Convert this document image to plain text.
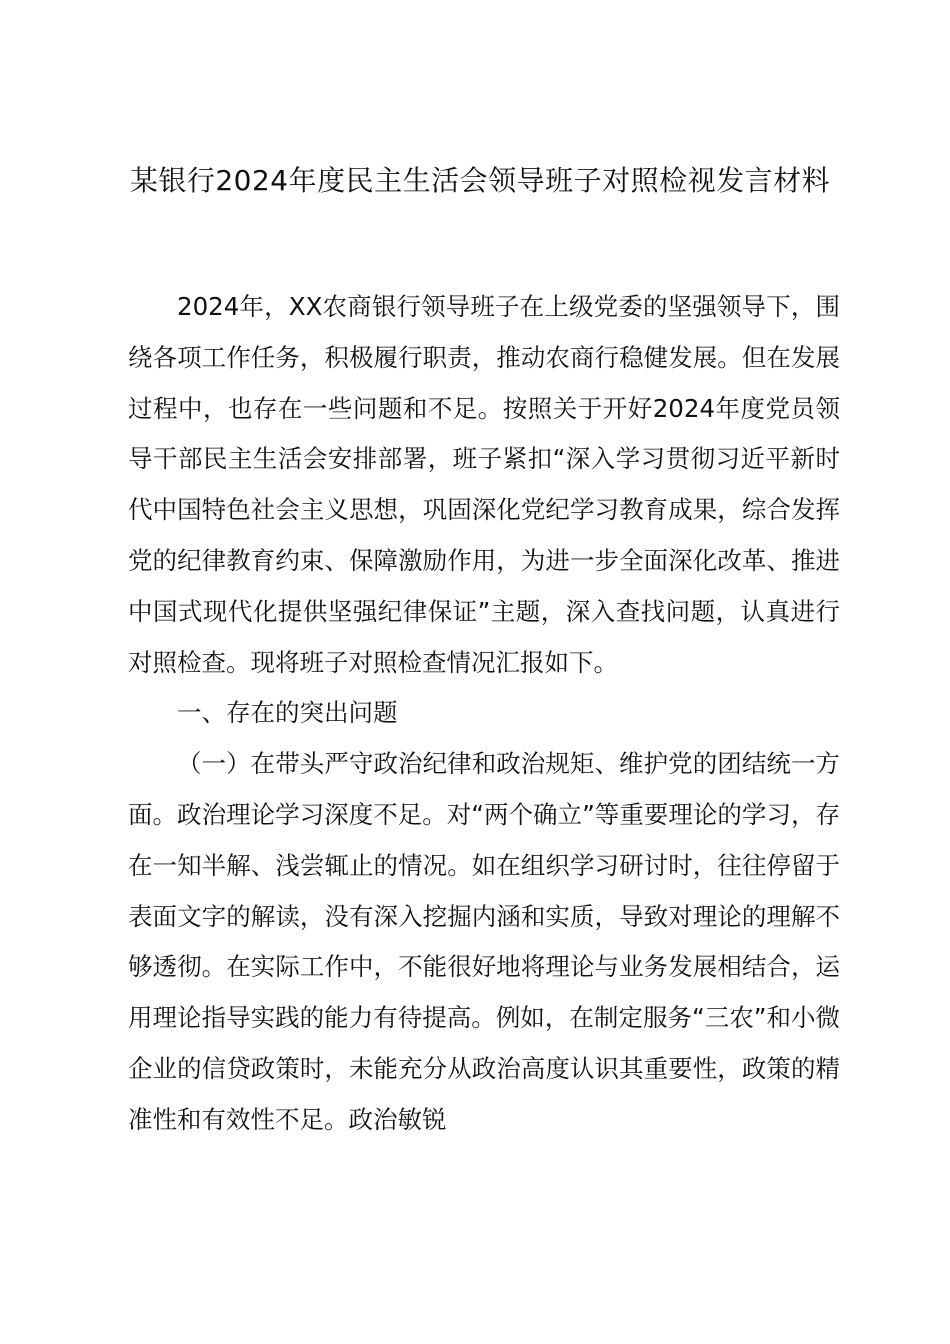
某银行2024年度民主生活会领导班子对照检视发言材料

2024年，XX农商银行领导班子在上级党委的坚强领导下，围绕各项工作任务，积极履行职责，推动农商行稳健发展。但在发展过程中，也存在一些问题和不足。按照关于开好2024年度党员领导干部民主生活会安排部署，班子紧扣“深入学习贯彻习近平新时代中国特色社会主义思想，巩固深化党纪学习教育成果，综合发挥党的纪律教育约束、保障激励作用，为进一步全面深化改革、推进中国式现代化提供坚强纪律保证”主题，深入查找问题，认真进行对照检查。现将班子对照检查情况汇报如下。

一、存在的突出问题

（一）在带头严守政治纪律和政治规矩、维护党的团结统一方面。政治理论学习深度不足。对“两个确立”等重要理论的学习，存在一知半解、浅尝辄止的情况。如在组织学习研讨时，往往停留于表面文字的解读，没有深入挖掘内涵和实质，导致对理论的理解不够透彻。在实际工作中，不能很好地将理论与业务发展相结合，运用理论指导实践的能力有待提高。例如，在制定服务“三农”和小微企业的信贷政策时，未能充分从政治高度认识其重要性，政策的精准性和有效性不足。政治敏锐
